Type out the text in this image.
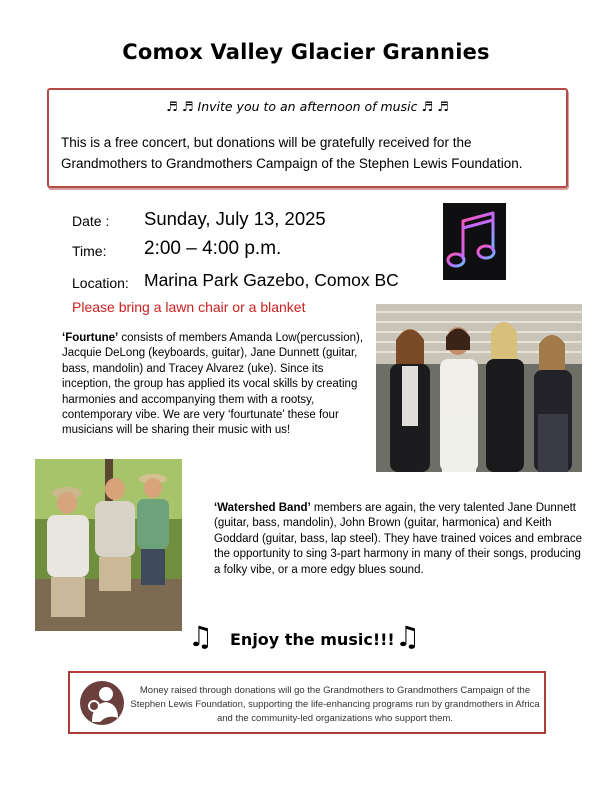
Comox Valley Glacier Grannies
♬ ♬ Invite you to an afternoon of music ♬ ♬
This is a free concert, but donations will be gratefully received for the Grandmothers to Grandmothers Campaign of the Stephen Lewis Foundation.
Date : Sunday, July 13, 2025
Time: 2:00 – 4:00 p.m.
Location: Marina Park Gazebo, Comox BC
Please bring a lawn chair or a blanket
‘Fourtune’ consists of members Amanda Low(percussion), Jacquie DeLong (keyboards, guitar), Jane Dunnett (guitar, bass, mandolin) and Tracey Alvarez (uke). Since its inception, the group has applied its vocal skills by creating harmonies and accompanying them with a rootsy, contemporary vibe. We are very ‘fourtunate’ these four musicians will be sharing their music with us!
‘Watershed Band’ members are again, the very talented Jane Dunnett (guitar, bass, mandolin), John Brown (guitar, harmonica) and Keith Goddard (guitar, bass, lap steel). They have trained voices and embrace the opportunity to sing 3-part harmony in many of their songs, producing a folky vibe, or a more edgy blues sound.
♫ Enjoy the music!!! ♫
Money raised through donations will go the Grandmothers to Grandmothers Campaign of the Stephen Lewis Foundation, supporting the life-enhancing programs run by grandmothers in Africa and the community-led organizations who support them.
